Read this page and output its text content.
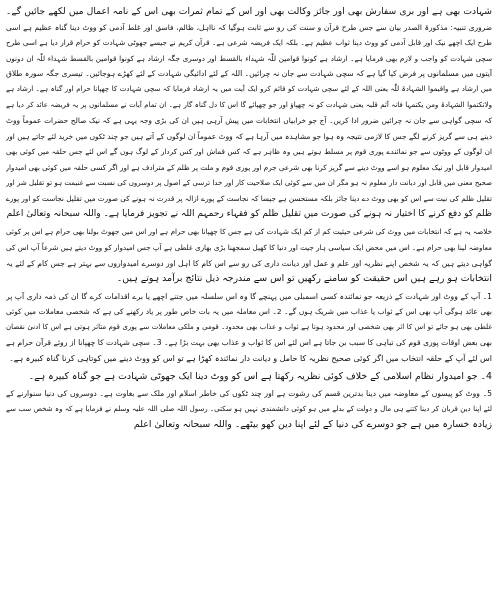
شہادت بھی ہے اور بری سفارش بھی اور جائز وکالت بھی اور اس کے تمام ثمرات بھی اس کے نامہ اعمال میں لکھے جائیں گے۔
ضروری تنبیہ: مذکورۃ الصدر بیان سے جس طرح قرآن و سنت کی رو سے ثابت ہوگیا کہ نااہل، ظالم، فاسق اور غلط آدمی کو ووٹ دینا گناہ عظیم ہے اسی
طرح ایک اچھے نیک اور قابل آدمی کو ووٹ دینا ثواب عظیم ہے۔ بلکہ ایک فریضہ شرعی ہے۔ قرآن کریم نے جیسے جھوٹی شہادت کو حرام قرار دیا ہے اسی طرح
سچی شہادت کو واجب و لازم بھی فرمایا ہے۔ ارشاد ہے کونوا قوامین للّٰہ شہداء بالقسط اور دوسری جگہ ارشاد ہے کونوا قوامین بالقسط شہداء للّٰہ ان دونوں
آیتوں میں مسلمانوں پر فرض کیا گیا ہے کہ سچی شہادت سے جان نہ چرائیں۔ اللہ کے لئے ادائیگی شہادت کے لئے کھڑے ہوجائیں۔ تیسری جگہ سورہ طلاق
میں ارشاد ہے واقیموا الشہادۃ للّٰہ یعنی اللہ کے لئے سچی شہادت کو قائم کرو ایک آیت میں یہ ارشاد فرمایا کہ سچی شہادت کا چھپانا حرام اور گناہ ہے۔ ارشاد ہے
ولاتکتموا الشہادۃ ومن یکتمہا فانہ آثم قلبہ یعنی شہادت کو نہ چھپاؤ اور جو چھپائے گا اس کا دل گناہ گار ہے۔ ان تمام آیات نے مسلمانوں پر یہ فریضہ عائد کر دیا ہے
کہ سچی گواہی سے جان نہ چرائیں ضرور ادا کریں۔ آج جو خرابیاں انتخابات میں پیش آرہی ہیں ان کی بڑی وجہ یہی ہے کہ نیک صالح حضرات عموماً ووٹ
دینے ہی سے گریز کرنے لگے جس کا لازمی نتیجہ وہ ہوا جو مشاہدہ میں آرہا ہے کہ ووٹ عموماً ان لوگوں کے آتے ہیں جو چند ٹکوں میں خرید لئے جاتے ہیں اور
ان لوگوں کے ووٹوں سے جو نمائندے پوری قوم پر مسلط ہوتے ہیں وہ ظاہر ہے کہ کس قماش اور کس کردار کے لوگ ہوں گے اس لئے جس حلقہ میں کوئی بھی
امیدوار قابل اور نیک معلوم ہو اسے ووٹ دینے سے گریز کرنا بھی شرعی جرم اور پوری قوم و ملت پر ظلم کے مترادف ہے اور اگر کسی حلقہ میں کوئی بھی امیدوار
صحیح معنی میں قابل اور دیانت دار معلوم نہ ہو مگر ان میں سے کوئی ایک صلاحیت کار اور خدا ترسی کے اصول پر دوسروں کی نسبت سے غنیمت ہو تو تقلیل شر اور
تقلیل ظلم کی نیت سے اس کو بھی ووٹ دے دینا جائز بلکہ مستحسن ہے جیسا کہ نجاست کے پورے ازالہ پر قدرت نہ ہونے کی صورت میں تقلیل نجاست کو اور پورے
ظلم کو دفع کرنے کا اختیار نہ ہونے کی صورت میں تقلیل ظلم کو فقہاء رحمہم اللہ نے تجویز فرمایا ہے۔ واللہ سبحانہ وتعالیٰ اعلم
خلاصہ یہ ہے کہ انتخابات میں ووٹ کی شرعی حیثیت کم از کم ایک شہادت کی ہے جس کا چھپانا بھی حرام ہے اور اس میں جھوٹ بولنا بھی حرام ہے اس پر کوئی
معاوضہ لینا بھی حرام ہے۔ اس میں محض ایک سیاسی ہار جیت اور دنیا کا کھیل سمجھنا بڑی بھاری غلطی ہے آپ جس امیدوار کو ووٹ دیتے ہیں شرعاً آپ اس کی
گواہی دیتے ہیں کہ یہ شخص اپنے نظریہ اور علم و عمل اور دیانت داری کی رو سے اس کام کا اہل اور دوسرے امیدواروں سے بہتر ہے جس کام کے لئے یہ
انتخابات ہو رہے ہیں اس حقیقت کو سامنے رکھیں تو اس سے مندرجہ ذیل نتائج برآمد ہوتے ہیں۔
1۔ آپ کے ووٹ اور شہادت کے ذریعہ جو نمائندہ کسی اسمبلی میں پہنچے گا وہ اس سلسلہ میں جتنے اچھے یا برے اقدامات کرے گا ان کی ذمہ داری آپ پر
بھی عائد ہوگی آپ بھی اس کے ثواب یا عذاب میں شریک ہوں گے۔ 2۔ اس معاملہ میں یہ بات خاص طور پر یاد رکھنے کی ہے کہ شخصی معاملات میں کوئی
غلطی بھی ہو جائے تو اس کا اثر بھی شخصی اور محدود ہوتا ہے ثواب و عذاب بھی محدود۔ قومی و ملکی معاملات سے پوری قوم متاثر ہوتی ہے اس کا ادنیٰ نقصان
بھی بعض اوقات پوری قوم کی تباہی کا سبب بن جاتا ہے اس لئے اس کا ثواب و عذاب بھی بہت بڑا ہے۔ 3۔ سچی شہادت کا چھپانا از روئے قرآن حرام ہے
اس لئے آپ کے حلقہ انتخاب میں اگر کوئی صحیح نظریہ کا حامل و دیانت دار نمائندہ کھڑا ہے تو اس کو ووٹ دینے میں کوتاہی کرنا گناہ کبیرہ ہے۔
4۔ جو امیدوار نظام اسلامی کے خلاف کوئی نظریہ رکھتا ہے اس کو ووٹ دینا ایک جھوٹی شہادت ہے جو گناہ کبیرہ ہے۔
5۔ ووٹ کو پیسوں کے معاوضہ میں دینا بدترین قسم کی رشوت ہے اور چند ٹکوں کی خاطر اسلام اور ملک سے بغاوت ہے۔ دوسروں کی دنیا سنوارنے کے
لئے اپنا دین قربان کر دینا کتنے ہی مال و دولت کے بدلے میں ہو کوئی دانشمندی نہیں ہو سکتی۔ رسول اللہ صلی اللہ علیہ وسلم نے فرمایا ہے کہ وہ شخص سب سے
زیادہ خسارہ میں ہے جو دوسرے کی دنیا کے لئے اپنا دین کھو بیٹھے۔ واللہ سبحانہ وتعالیٰ اعلم
